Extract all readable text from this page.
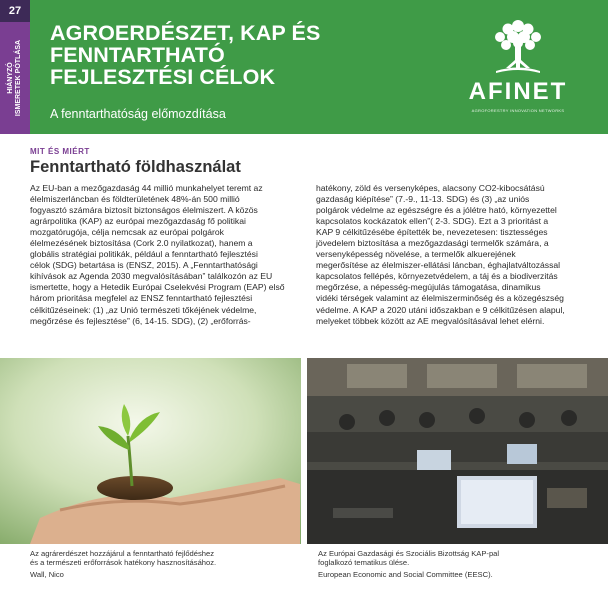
27
HIÁNYZÓ ISMERETEK PÓTLÁSA
AGROERDÉSZET, KAP ÉS
FENNTARTHATÓ
FEJLESZTÉSI CÉLOK
A fenntarthatóság előmozdítása
AFINET
AGROFORESTRY INNOVATION NETWORKS
MIT ÉS MIÉRT
Fenntartható földhasználat
Az EU-ban a mezőgazdaság 44 millió munkahelyet teremt az
élelmiszerláncban és földterületének 48%-án 500 millió
fogyasztó számára biztosít biztonságos élelmiszert. A közös
agrárpolitika (KAP) az európai mezőgazdaság fő politikai
mozgatórugója, célja nemcsak az európai polgárok
élelmezésének biztosítása (Cork 2.0 nyilatkozat), hanem a
globális stratégiai politikák, például a fenntartható fejlesztési
célok (SDG) betartása is (ENSZ, 2015). A „Fenntarthatósági
kihívások az Agenda 2030 megvalósításában” találkozón az EU
ismertette, hogy a Hetedik Európai Cselekvési Program (EAP) első
három prioritása megfelel az ENSZ fenntartható fejlesztési
célkitűzéseinek: (1) „az Unió természeti tőkéjének védelme,
megőrzése és fejlesztése” (6, 14-15. SDG), (2) „erőforrás-
hatékony, zöld és versenyképes, alacsony CO2-kibocsátású
gazdaság kiépítése” (7.-9., 11-13. SDG) és (3) „az uniós
polgárok védelme az egészségre és a jólétre ható, környezettel
kapcsolatos kockázatok ellen”( 2-3. SDG). Ezt a 3 prioritást a
KAP 9 célkitűzésébe építették be, nevezetesen: tisztességes
jövedelem biztosítása a mezőgazdasági termelők számára, a
versenyképesség növelése, a termelők alkuerejének
megerősítése az élelmiszer-ellátási láncban, éghajlatváltozással
kapcsolatos fellépés, környezetvédelem, a táj és a biodiverzitás
megőrzése, a népesség-megújulás támogatása, dinamikus
vidéki térségek valamint az élelmiszerminőség és a közegészség
védelme. A KAP a 2020 utáni időszakban e 9 célkitűzésen alapul,
melyeket többek között az AE megvalósításával lehet elérni.
Az agrárerdészet hozzájárul a fenntartható fejlődéshez
és a természeti erőforrások hatékony hasznosításához.
Wall, Nico
Az Európai Gazdasági és Szociális Bizottság KAP-pal
foglalkozó tematikus ülése.
European Economic and Social Committee (EESC).
